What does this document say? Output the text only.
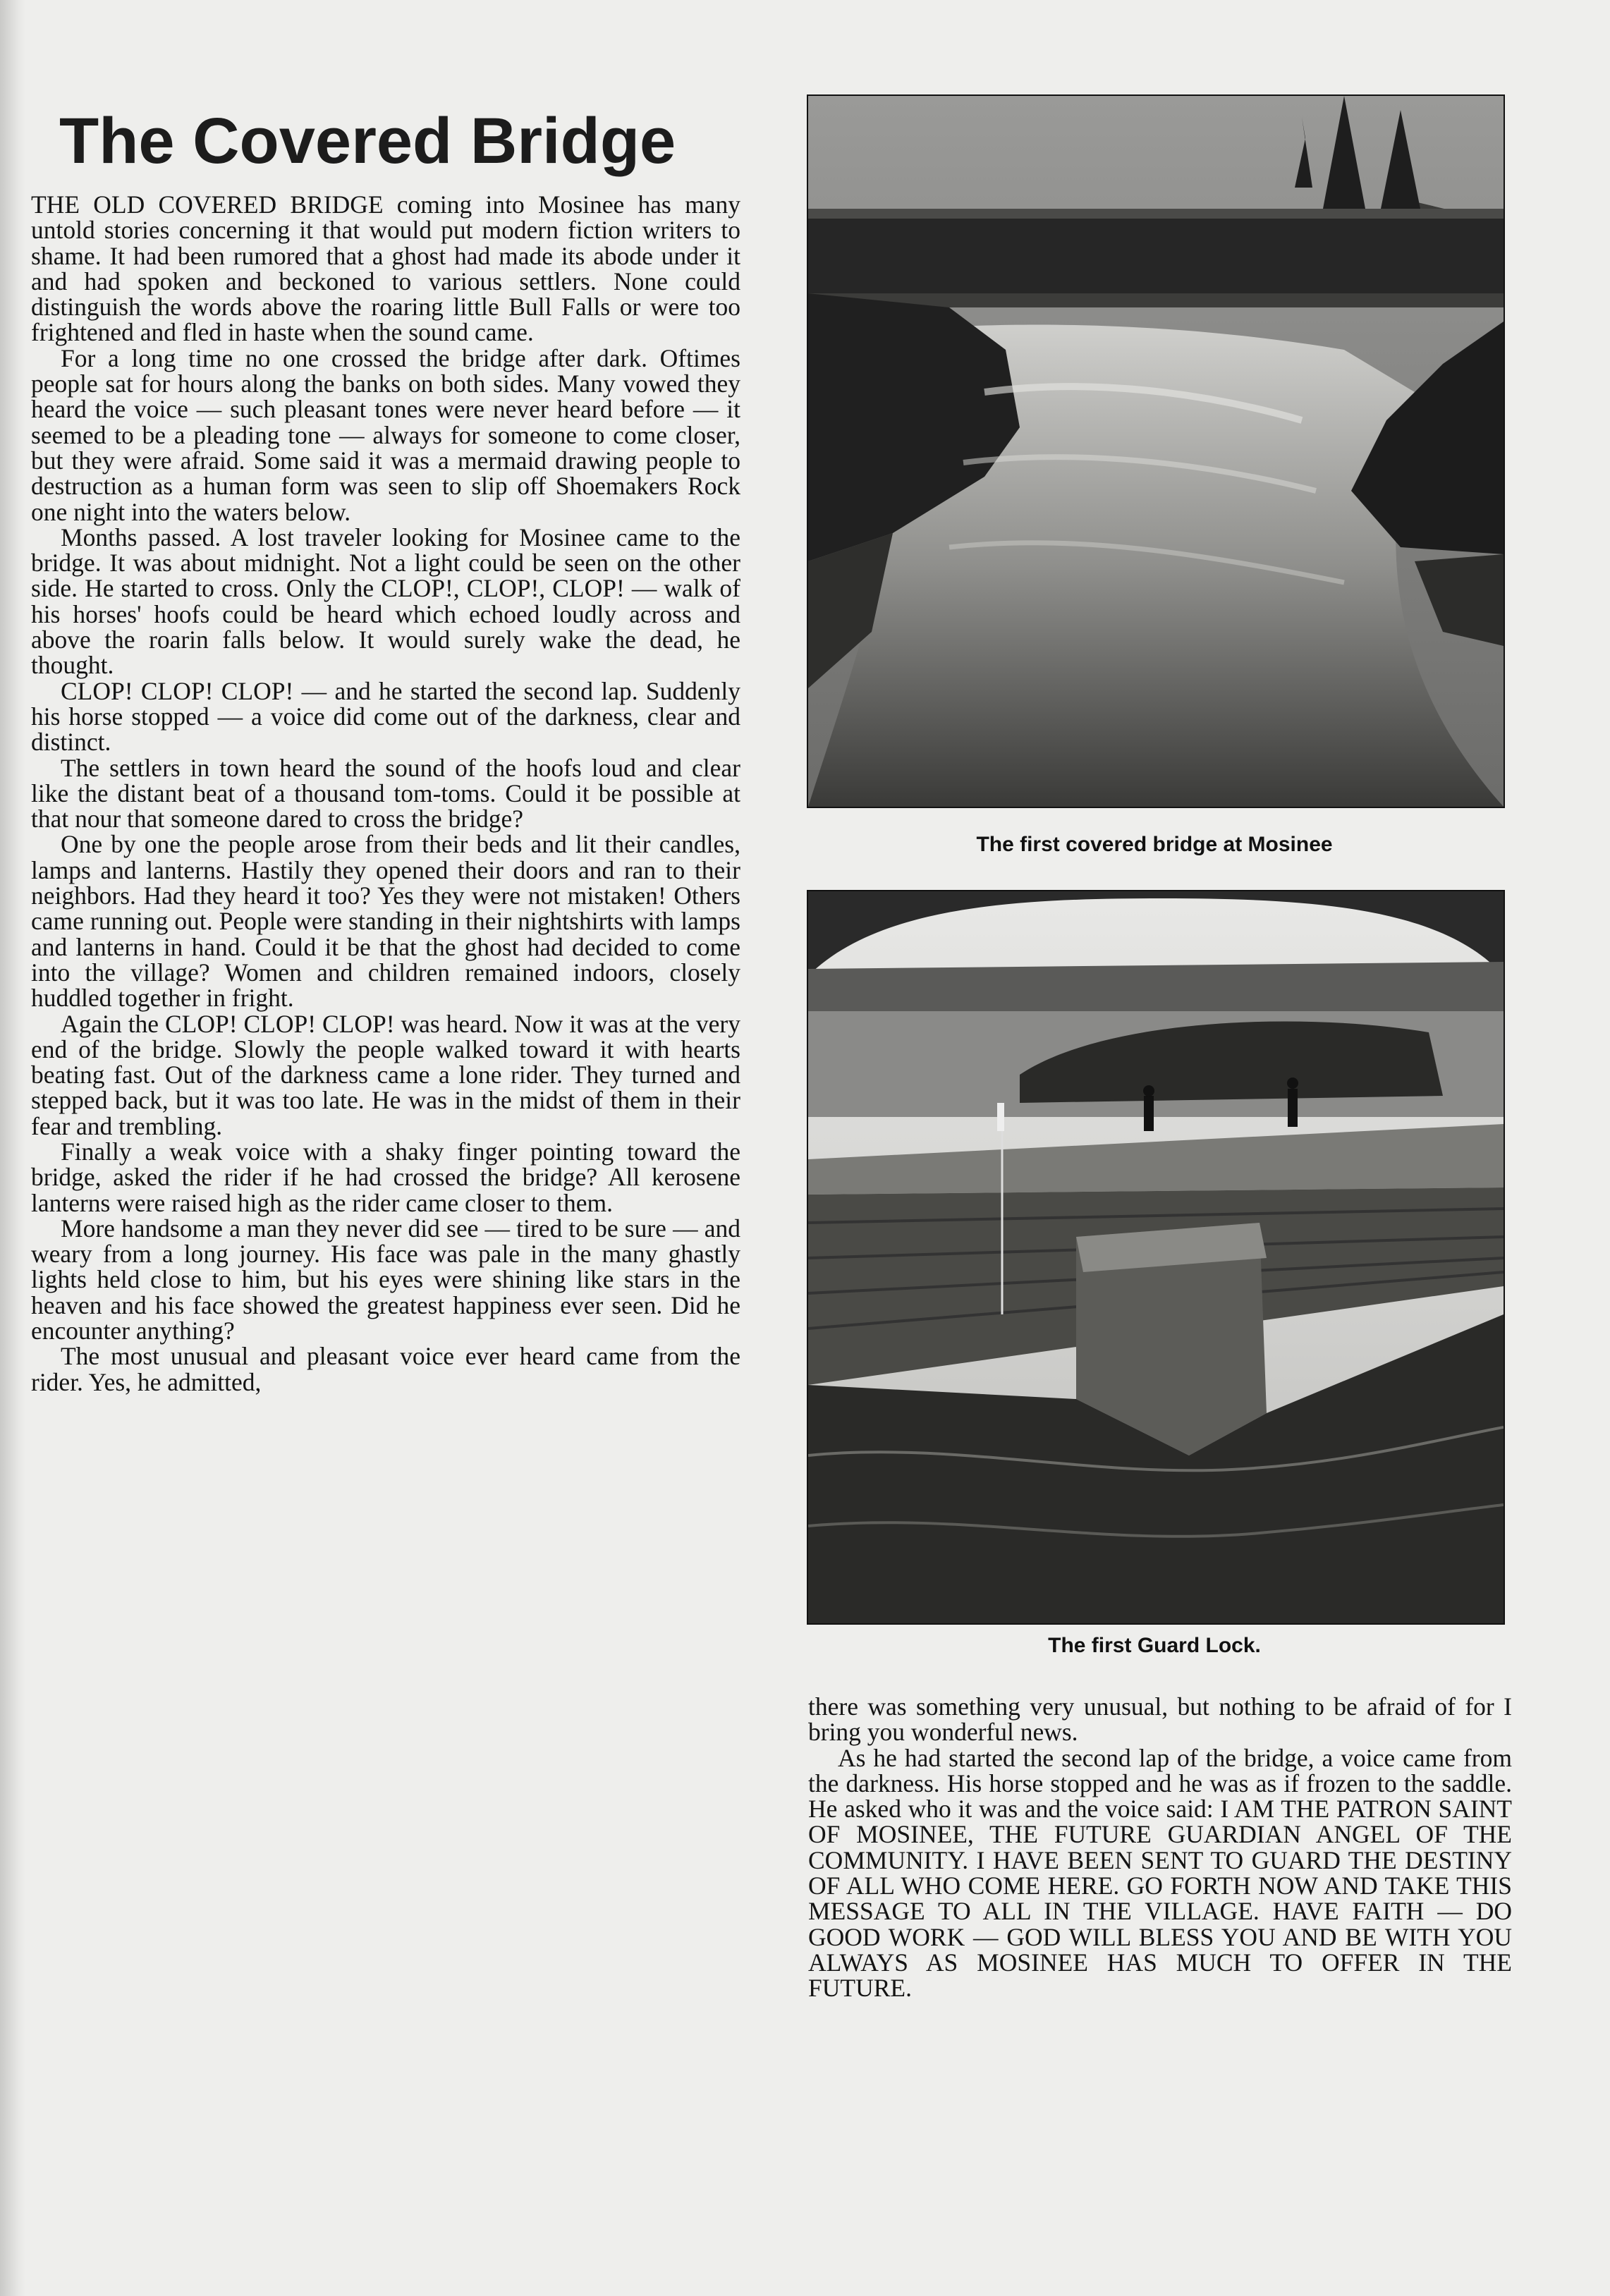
The Covered Bridge

THE OLD COVERED BRIDGE coming into Mosinee has many untold stories concerning it that would put modern fiction writers to shame. It had been rumored that a ghost had made its abode under it and had spoken and beckoned to various settlers. None could distinguish the words above the roaring little Bull Falls or were too frightened and fled in haste when the sound came.

For a long time no one crossed the bridge after dark. Oftimes people sat for hours along the banks on both sides. Many vowed they heard the voice — such pleasant tones were never heard before — it seemed to be a pleading tone — always for someone to come closer, but they were afraid. Some said it was a mermaid drawing people to destruction as a human form was seen to slip off Shoemakers Rock one night into the waters below.

Months passed. A lost traveler looking for Mosinee came to the bridge. It was about midnight. Not a light could be seen on the other side. He started to cross. Only the CLOP!, CLOP!, CLOP! — walk of his horses' hoofs could be heard which echoed loudly across and above the roarin falls below. It would surely wake the dead, he thought.

CLOP! CLOP! CLOP! — and he started the second lap. Suddenly his horse stopped — a voice did come out of the darkness, clear and distinct.

The settlers in town heard the sound of the hoofs loud and clear like the distant beat of a thousand tom-toms. Could it be possible at that nour that someone dared to cross the bridge?

One by one the people arose from their beds and lit their candles, lamps and lanterns. Hastily they opened their doors and ran to their neighbors. Had they heard it too? Yes they were not mistaken! Others came running out. People were standing in their nightshirts with lamps and lanterns in hand. Could it be that the ghost had decided to come into the village? Women and children remained indoors, closely huddled together in fright.

Again the CLOP! CLOP! CLOP! was heard. Now it was at the very end of the bridge. Slowly the people walked toward it with hearts beating fast. Out of the darkness came a lone rider. They turned and stepped back, but it was too late. He was in the midst of them in their fear and trembling.

Finally a weak voice with a shaky finger pointing toward the bridge, asked the rider if he had crossed the bridge? All kerosene lanterns were raised high as the rider came closer to them.

More handsome a man they never did see — tired to be sure — and weary from a long journey. His face was pale in the many ghastly lights held close to him, but his eyes were shining like stars in the heaven and his face showed the greatest happiness ever seen. Did he encounter anything?

The most unusual and pleasant voice ever heard came from the rider. Yes, he admitted,

The first covered bridge at Mosinee
The first Guard Lock.

there was something very unusual, but nothing to be afraid of for I bring you wonderful news.

As he had started the second lap of the bridge, a voice came from the darkness. His horse stopped and he was as if frozen to the saddle. He asked who it was and the voice said: I AM THE PATRON SAINT OF MOSINEE, THE FUTURE GUARDIAN ANGEL OF THE COMMUNITY. I HAVE BEEN SENT TO GUARD THE DESTINY OF ALL WHO COME HERE. GO FORTH NOW AND TAKE THIS MESSAGE TO ALL IN THE VILLAGE. HAVE FAITH — DO GOOD WORK — GOD WILL BLESS YOU AND BE WITH YOU ALWAYS AS MOSINEE HAS MUCH TO OFFER IN THE FUTURE.
